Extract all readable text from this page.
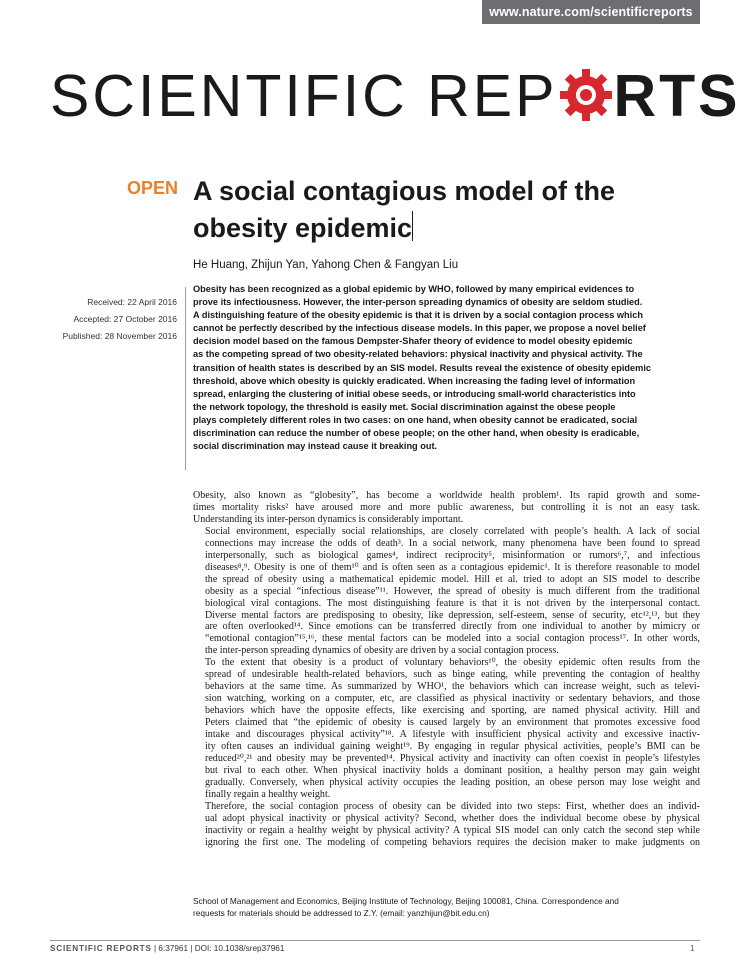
www.nature.com/scientificreports
SCIENTIFIC REP RTS
OPEN A social contagious model of the
obesity epidemic
He Huang, Zhijun Yan, Yahong Chen & Fangyan Liu
Received: 22 April 2016
Accepted: 27 October 2016
Published: 28 November 2016
Obesity has been recognized as a global epidemic by WHO, followed by many empirical evidences to
prove its infectiousness. However, the inter-person spreading dynamics of obesity are seldom studied.
A distinguishing feature of the obesity epidemic is that it is driven by a social contagion process which
cannot be perfectly described by the infectious disease models. In this paper, we propose a novel belief
decision model based on the famous Dempster-Shafer theory of evidence to model obesity epidemic
as the competing spread of two obesity-related behaviors: physical inactivity and physical activity. The
transition of health states is described by an SIS model. Results reveal the existence of obesity epidemic
threshold, above which obesity is quickly eradicated. When increasing the fading level of information
spread, enlarging the clustering of initial obese seeds, or introducing small-world characteristics into
the network topology, the threshold is easily met. Social discrimination against the obese people
plays completely different roles in two cases: on one hand, when obesity cannot be eradicated, social
discrimination can reduce the number of obese people; on the other hand, when obesity is eradicable,
social discrimination may instead cause it breaking out.

Obesity, also known as “globesity”, has become a worldwide health problem¹. Its rapid growth and some-
times mortality risks² have aroused more and more public awareness, but controlling it is not an easy task.
Understanding its inter-person dynamics is considerably important.

Social environment, especially social relationships, are closely correlated with people’s health. A lack of social
connections may increase the odds of death³. In a social network, many phenomena have been found to spread
interpersonally, such as biological games⁴, indirect reciprocity⁵, misinformation or rumors⁶,⁷, and infectious
diseases⁸,⁹. Obesity is one of them¹⁰ and is often seen as a contagious epidemic¹. It is therefore reasonable to model
the spread of obesity using a mathematical epidemic model. Hill et al. tried to adopt an SIS model to describe
obesity as a special “infectious disease”¹¹. However, the spread of obesity is much different from the traditional
biological viral contagions. The most distinguishing feature is that it is not driven by the interpersonal contact.
Diverse mental factors are predisposing to obesity, like depression, self-esteem, sense of security, etc¹²,¹³, but they
are often overlooked¹⁴. Since emotions can be transferred directly from one individual to another by mimicry or
“emotional contagion”¹⁵,¹⁶, these mental factors can be modeled into a social contagion process¹⁷. In other words,
the inter-person spreading dynamics of obesity are driven by a social contagion process.

To the extent that obesity is a product of voluntary behaviors¹⁰, the obesity epidemic often results from the
spread of undesirable health-related behaviors, such as binge eating, while preventing the contagion of healthy
behaviors at the same time. As summarized by WHO¹, the behaviors which can increase weight, such as televi-
sion watching, working on a computer, etc, are classified as physical inactivity or sedentary behaviors, and those
behaviors which have the opposite effects, like exercising and sporting, are named physical activity. Hill and
Peters claimed that “the epidemic of obesity is caused largely by an environment that promotes excessive food
intake and discourages physical activity”¹⁸. A lifestyle with insufficient physical activity and excessive inactiv-
ity often causes an individual gaining weight¹⁹. By engaging in regular physical activities, people’s BMI can be
reduced²⁰,²¹ and obesity may be prevented¹⁴. Physical activity and inactivity can often coexist in people’s lifestyles
but rival to each other. When physical inactivity holds a dominant position, a healthy person may gain weight
gradually. Conversely, when physical activity occupies the leading position, an obese person may lose weight and
finally regain a healthy weight.

Therefore, the social contagion process of obesity can be divided into two steps: First, whether does an individ-
ual adopt physical inactivity or physical activity? Second, whether does the individual become obese by physical
inactivity or regain a healthy weight by physical activity? A typical SIS model can only catch the second step while
ignoring the first one. The modeling of competing behaviors requires the decision maker to make judgments on

School of Management and Economics, Beijing Institute of Technology, Beijing 100081, China. Correspondence and
requests for materials should be addressed to Z.Y. (email: yanzhijun@bit.edu.cn)
SCIENTIFIC REPORTS | 6:37961 | DOI: 10.1038/srep37961	1
